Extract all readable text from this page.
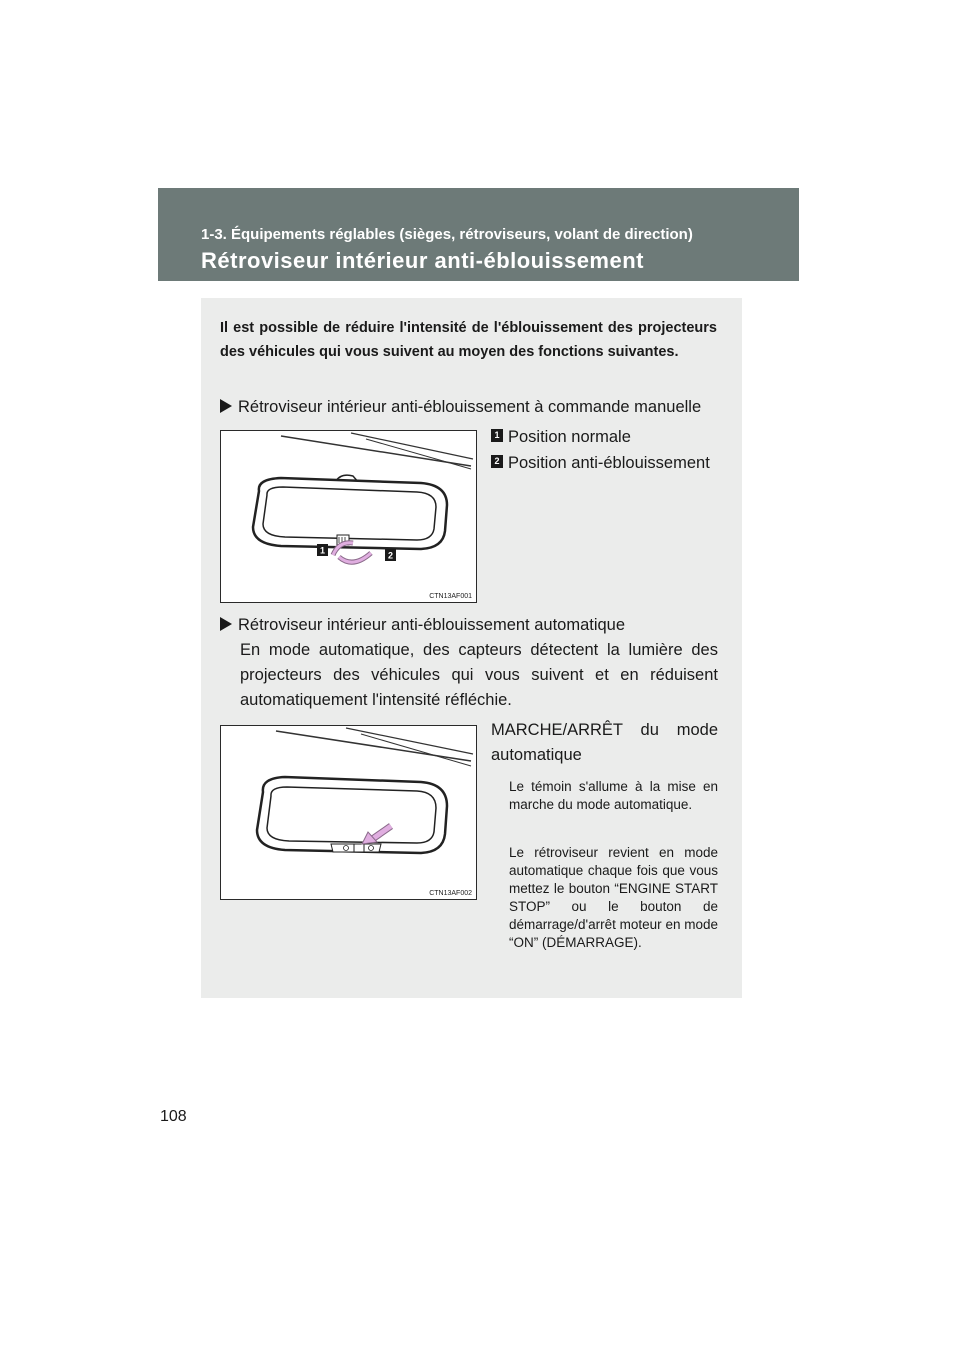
1-3. Équipements réglables (sièges, rétroviseurs, volant de direction)
Rétroviseur intérieur anti-éblouissement
Il est possible de réduire l'intensité de l'éblouissement des projecteurs des véhicules qui vous suivent au moyen des fonctions suivantes.
Rétroviseur intérieur anti-éblouissement à commande manuelle
1	2
CTN13AF001
1 Position normale
2 Position anti-éblouissement
Rétroviseur intérieur anti-éblouissement automatique
En mode automatique, des capteurs détectent la lumière des projecteurs des véhicules qui vous suivent et en réduisent automatiquement l'intensité réfléchie.
CTN13AF002
MARCHE/ARRÊT du mode automatique
Le témoin s'allume à la mise en marche du mode automatique.
Le rétroviseur revient en mode automatique chaque fois que vous mettez le bouton “ENGINE START STOP” ou le bouton de démarrage/d'arrêt moteur en mode “ON” (DÉMARRAGE).
108
